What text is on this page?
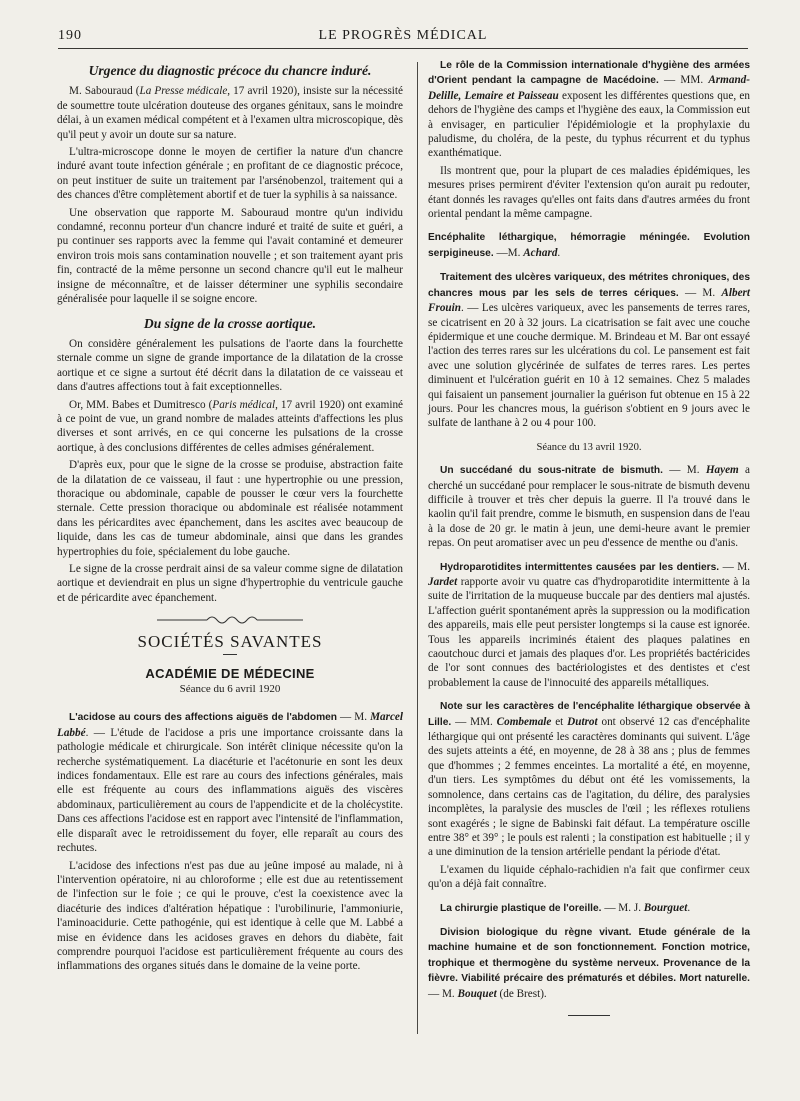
190	LE PROGRÈS MÉDICAL
Urgence du diagnostic précoce du chancre induré.

M. Sabouraud (La Presse médicale, 17 avril 1920), insiste sur la nécessité de soumettre toute ulcération douteuse des organes génitaux, sans le moindre délai, à un examen médical compétent et à l'examen ultra microscopique, dès qu'il peut y avoir un doute sur sa nature.

L'ultra-microscope donne le moyen de certifier la nature d'un chancre induré avant toute infection générale ; en profitant de ce diagnostic précoce, on peut instituer de suite un traitement par l'arsénobenzol, traitement qui a des chances d'être complètement abortif et de tuer la syphilis à sa naissance.

Une observation que rapporte M. Sabouraud montre qu'un individu condamné, reconnu porteur d'un chancre induré et traité de suite et guéri, a pu continuer ses rapports avec la femme qui l'avait contaminé et demeurer environ trois mois sans contamination nouvelle ; et son traitement ayant pris fin, contracté de la même personne un second chancre qu'il eut le malheur insigne de méconnaître, et de laisser déterminer une syphilis secondaire généralisée pour laquelle il se soigne encore.

Du signe de la crosse aortique.

On considère généralement les pulsations de l'aorte dans la fourchette sternale comme un signe de grande importance de la dilatation de la crosse aortique et ce signe a surtout été décrit dans la dilatation de ce vaisseau et dans d'autres affections tout à fait exceptionnelles.

Or, MM. Babes et Dumitresco (Paris médical, 17 avril 1920) ont examiné à ce point de vue, un grand nombre de malades atteints d'affections les plus diverses et sont arrivés, en ce qui concerne les pulsations de la crosse aortique, à des conclusions différentes de celles admises généralement.

D'après eux, pour que le signe de la crosse se produise, abstraction faite de la dilatation de ce vaisseau, il faut : une hypertrophie ou une pression, thoracique ou abdominale, capable de pousser le cœur vers la fourchette sternale. Cette pression thoracique ou abdominale est réalisée notamment dans les péricardites avec épanchement, dans les ascites avec beaucoup de liquide, dans les cas de tumeur abdominale, ainsi que dans les grandes hypertrophies du foie, spécialement du lobe gauche.

Le signe de la crosse perdrait ainsi de sa valeur comme signe de dilatation aortique et deviendrait en plus un signe d'hypertrophie du ventricule gauche et de péricardite avec épanchement.

SOCIÉTÉS SAVANTES
ACADÉMIE DE MÉDECINE
Séance du 6 avril 1920

L'acidose au cours des affections aiguës de l'abdomen — M. Marcel Labbé. — L'étude de l'acidose a pris une importance croissante dans la pathologie médicale et chirurgicale. Son intérêt clinique nécessite qu'on la recherche systématiquement. La diacéturie et l'acétonurie en sont les deux indices fondamentaux. Elle est rare au cours des infections générales, mais elle est fréquente au cours des inflammations aiguës des viscères abdominaux, particulièrement au cours de l'appendicite et de la cholécystite. Dans ces affections l'acidose est en rapport avec l'intensité de l'inflammation, elle disparaît avec le retroidissement du foyer, elle reparaît au cours des rechutes.

L'acidose des infections n'est pas due au jeûne imposé au malade, ni à l'intervention opératoire, ni au chloroforme ; elle est due au retentissement de l'infection sur le foie ; ce qui le prouve, c'est la coexistence avec la diacéturie des indices d'altération hépatique : l'urobilinurie, l'ammoniurie, l'aminoacidurie. Cette pathogénie, qui est identique à celle que M. Labbé a mise en évidence dans les acidoses graves en dehors du diabète, fait comprendre pourquoi l'acidose est particulièrement fréquente au cours des inflammations des organes situés dans le domaine de la veine porte.

Le rôle de la Commission internationale d'hygiène des armées d'Orient pendant la campagne de Macédoine. — MM. Armand-Delille, Lemaire et Paisseau exposent les différentes questions que, en dehors de l'hygiène des camps et l'hygiène des eaux, la Commission eut à envisager, en particulier l'épidémiologie et la prophylaxie du paludisme, du choléra, de la peste, du typhus récurrent et du typhus exanthématique.

Ils montrent que, pour la plupart de ces maladies épidémiques, les mesures prises permirent d'éviter l'extension qu'on aurait pu redouter, étant donnés les ravages qu'elles ont faits dans d'autres armées du front oriental pendant la même campagne.

Encéphalite léthargique, hémorragie méningée. Evolution serpigineuse. —M. Achard.

Traitement des ulcères variqueux, des métrites chroniques, des chancres mous par les sels de terres cériques. — M. Albert Frouin. — Les ulcères variqueux, avec les pansements de terres rares, se cicatrisent en 20 à 32 jours. La cicatrisation se fait avec une couche épidermique et une couche dermique. M. Brindeau et M. Bar ont essayé l'action des terres rares sur les ulcérations du col. Le pansement est fait avec une solution glycérinée de sulfates de terres rares. Les pertes diminuent et l'ulcération guérit en 10 à 12 semaines. Chez 5 malades qui faisaient un pansement journalier la guérison fut obtenue en 15 à 22 jours. Pour les chancres mous, la guérison s'obtient en 9 jours avec le sulfate de lanthane à 2 ou 4 pour 100.

Séance du 13 avril 1920.

Un succédané du sous-nitrate de bismuth. — M. Hayem a cherché un succédané pour remplacer le sous-nitrate de bismuth devenu difficile à trouver et très cher depuis la guerre. Il l'a trouvé dans le kaolin qu'il fait prendre, comme le bismuth, en suspension dans de l'eau à la dose de 20 gr. le matin à jeun, une demi-heure avant le premier repas. On peut aromatiser avec un peu d'essence de menthe ou d'anis.

Hydroparotidites intermittentes causées par les dentiers. — M. Jardet rapporte avoir vu quatre cas d'hydroparotidite intermittente à la suite de l'irritation de la muqueuse buccale par des dentiers mal ajustés. L'affection guérit spontanément après la suppression ou la modification des appareils, mais elle peut persister longtemps si la cause est ignorée. Tous les appareils incriminés étaient des plaques palatines en caoutchouc durci et jamais des plaques d'or. Les propriétés bactéricides de l'or sont connues des bactériologistes et des dentistes et c'est probablement la cause de l'innocuité des appareils métalliques.

Note sur les caractères de l'encéphalite léthargique observée à Lille. — MM. Combemale et Dutrot ont observé 12 cas d'encéphalite léthargique qui ont présenté les caractères dominants qui suivent. L'âge des sujets atteints a été, en moyenne, de 28 à 38 ans ; plus de femmes que d'hommes ; 2 femmes enceintes. La mortalité a été, en moyenne, d'un tiers. Les symptômes du début ont été les vomissements, la somnolence, dans certains cas de l'agitation, du délire, des paralysies incomplètes, la paralysie des muscles de l'œil ; les réflexes rotuliens sont exagérés ; le signe de Babinski fait défaut. La température oscille entre 38° et 39° ; le pouls est ralenti ; la constipation est habituelle ; il y a une diminution de la tension artérielle pendant la période d'état.

L'examen du liquide céphalo-rachidien n'a fait que confirmer ceux qu'on a déjà fait connaître.

La chirurgie plastique de l'oreille. — M. J. Bourguet.

Division biologique du règne vivant. Etude générale de la machine humaine et de son fonctionnement. Fonction motrice, trophique et thermogène du système nerveux. Provenance de la fièvre. Viabilité précaire des prématurés et débiles. Mort naturelle. — M. Bouquet (de Brest).
